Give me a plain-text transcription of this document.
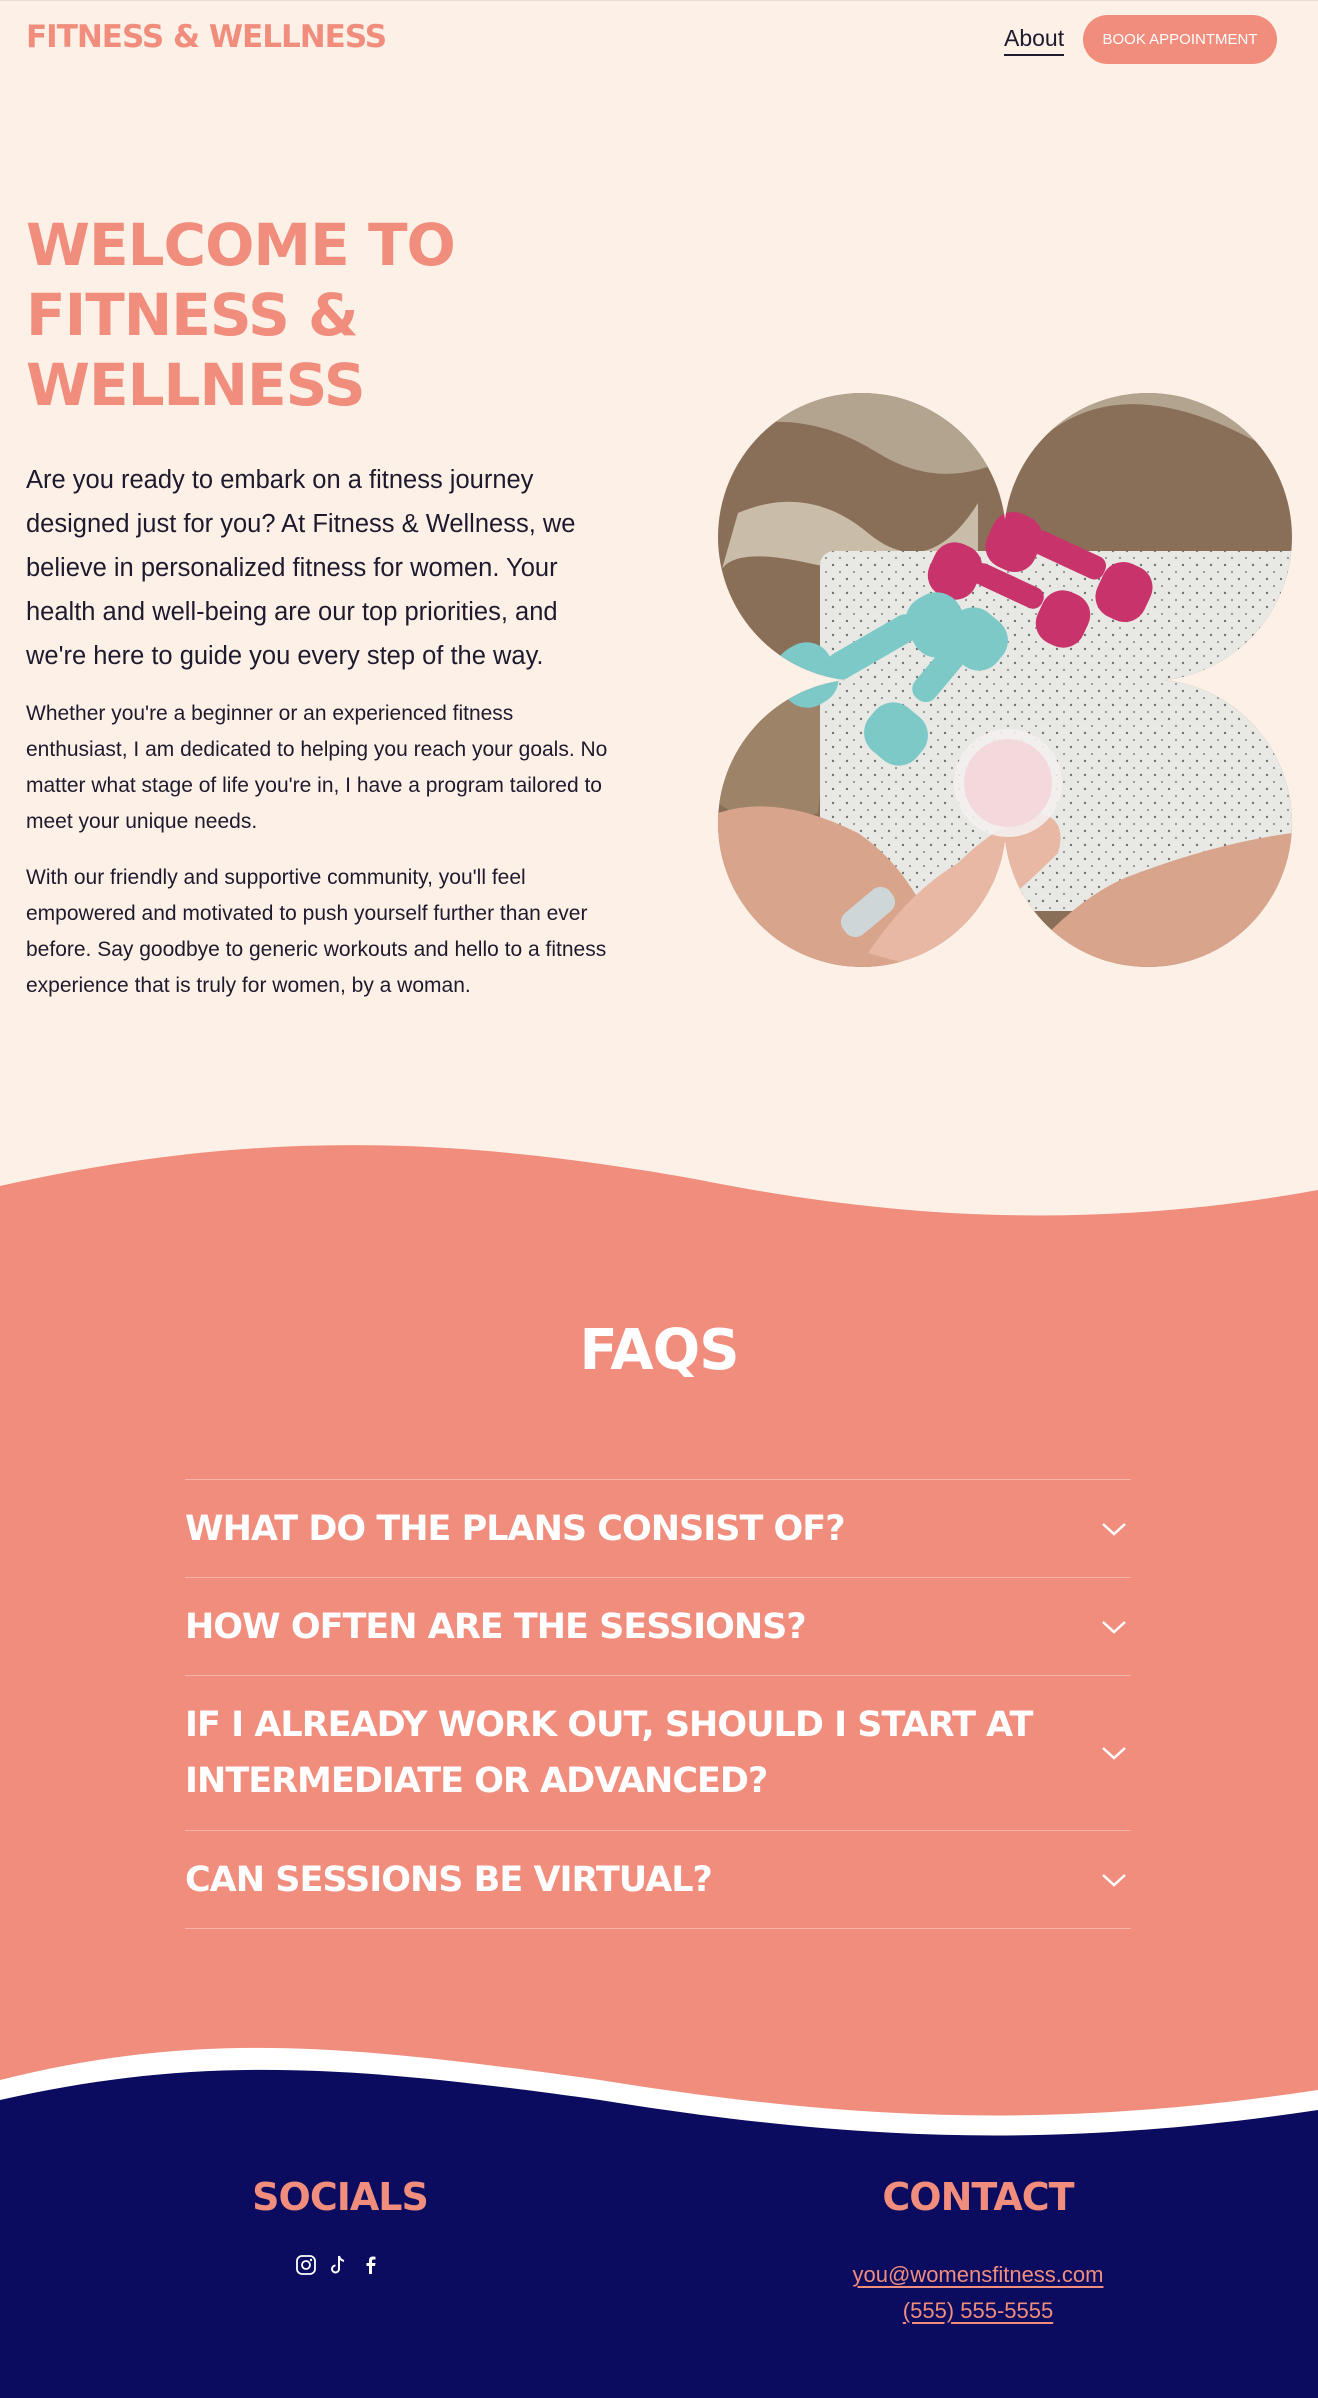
FITNESS & WELLNESS	About	BOOK APPOINTMENT
WELCOME TO FITNESS & WELLNESS

Are you ready to embark on a fitness journey designed just for you? At Fitness & Wellness, we believe in personalized fitness for women. Your health and well-being are our top priorities, and we're here to guide you every step of the way.

Whether you're a beginner or an experienced fitness enthusiast, I am dedicated to helping you reach your goals. No matter what stage of life you're in, I have a program tailored to meet your unique needs.

With our friendly and supportive community, you'll feel empowered and motivated to push yourself further than ever before. Say goodbye to generic workouts and hello to a fitness experience that is truly for women, by a woman.

FAQS
WHAT DO THE PLANS CONSIST OF?
HOW OFTEN ARE THE SESSIONS?
IF I ALREADY WORK OUT, SHOULD I START AT INTERMEDIATE OR ADVANCED?
CAN SESSIONS BE VIRTUAL?
SOCIALS	CONTACT
you@womensfitness.com
(555) 555-5555
